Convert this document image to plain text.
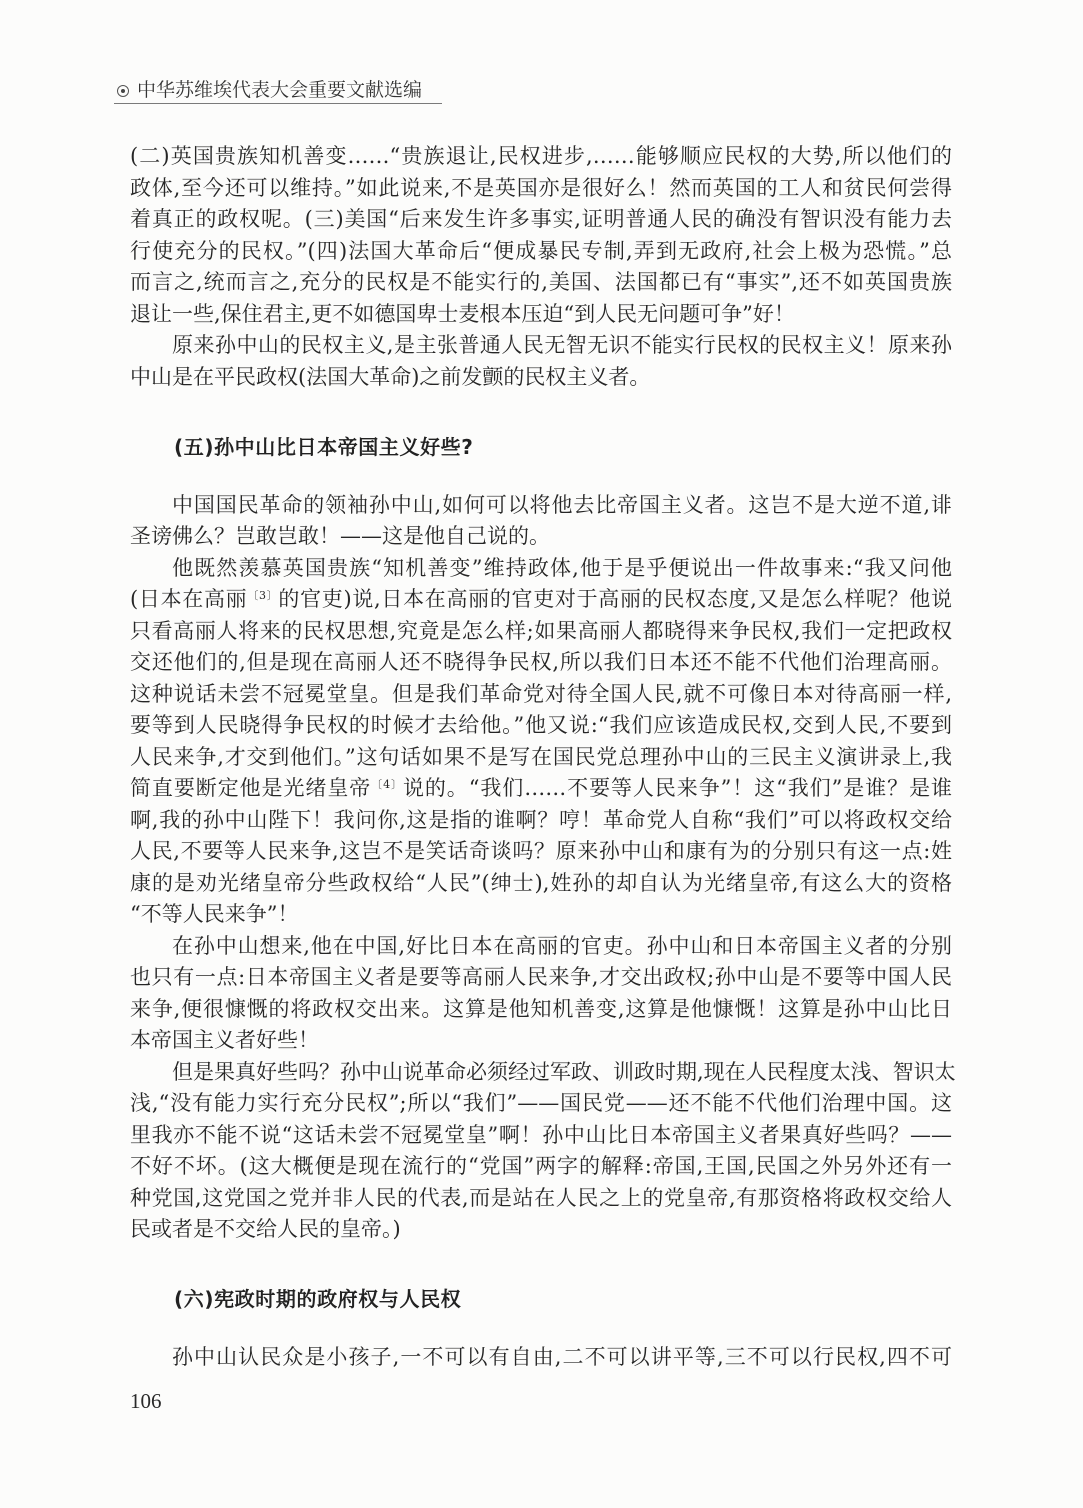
中华苏维埃代表大会重要文献选编
(二)英国贵族知机善变……“贵族退让,民权进步,……能够顺应民权的大势,所以他们的
政体,至今还可以维持。”如此说来,不是英国亦是很好么！然而英国的工人和贫民何尝得
着真正的政权呢。(三)美国“后来发生许多事实,证明普通人民的确没有智识没有能力去
行使充分的民权。”(四)法国大革命后“便成暴民专制,弄到无政府,社会上极为恐慌。”总
而言之,统而言之,充分的民权是不能实行的,美国、法国都已有“事实”,还不如英国贵族
退让一些,保住君主,更不如德国卑士麦根本压迫“到人民无问题可争”好！
原来孙中山的民权主义,是主张普通人民无智无识不能实行民权的民权主义！原来孙
中山是在平民政权(法国大革命)之前发颤的民权主义者。
(五)孙中山比日本帝国主义好些?
中国国民革命的领袖孙中山,如何可以将他去比帝国主义者。这岂不是大逆不道,诽
圣谤佛么？岂敢岂敢！——这是他自己说的。
他既然羡慕英国贵族“知机善变”维持政体,他于是乎便说出一件故事来:“我又问他
(日本在高丽$^{〔3〕}$的官吏)说,日本在高丽的官吏对于高丽的民权态度,又是怎么样呢？他说
只看高丽人将来的民权思想,究竟是怎么样;如果高丽人都晓得来争民权,我们一定把政权
交还他们的,但是现在高丽人还不晓得争民权,所以我们日本还不能不代他们治理高丽。
这种说话未尝不冠冕堂皇。但是我们革命党对待全国人民,就不可像日本对待高丽一样,
要等到人民晓得争民权的时候才去给他。”他又说:“我们应该造成民权,交到人民,不要到
人民来争,才交到他们。”这句话如果不是写在国民党总理孙中山的三民主义演讲录上,我
简直要断定他是光绪皇帝$^{〔4〕}$说的。“我们……不要等人民来争”！这“我们”是谁？是谁
啊,我的孙中山陛下！我问你,这是指的谁啊？哼！革命党人自称“我们”可以将政权交给
人民,不要等人民来争,这岂不是笑话奇谈吗？原来孙中山和康有为的分别只有这一点:姓
康的是劝光绪皇帝分些政权给“人民”(绅士),姓孙的却自认为光绪皇帝,有这么大的资格
“不等人民来争”！
在孙中山想来,他在中国,好比日本在高丽的官吏。孙中山和日本帝国主义者的分别
也只有一点:日本帝国主义者是要等高丽人民来争,才交出政权;孙中山是不要等中国人民
来争,便很慷慨的将政权交出来。这算是他知机善变,这算是他慷慨！这算是孙中山比日
本帝国主义者好些！
但是果真好些吗？孙中山说革命必须经过军政、训政时期,现在人民程度太浅、智识太
浅,“没有能力实行充分民权”;所以“我们”——国民党——还不能不代他们治理中国。这
里我亦不能不说“这话未尝不冠冕堂皇”啊！孙中山比日本帝国主义者果真好些吗？——
不好不坏。(这大概便是现在流行的“党国”两字的解释:帝国,王国,民国之外另外还有一
种党国,这党国之党并非人民的代表,而是站在人民之上的党皇帝,有那资格将政权交给人
民或者是不交给人民的皇帝。)
(六)宪政时期的政府权与人民权
孙中山认民众是小孩子,一不可以有自由,二不可以讲平等,三不可以行民权,四不可
106
